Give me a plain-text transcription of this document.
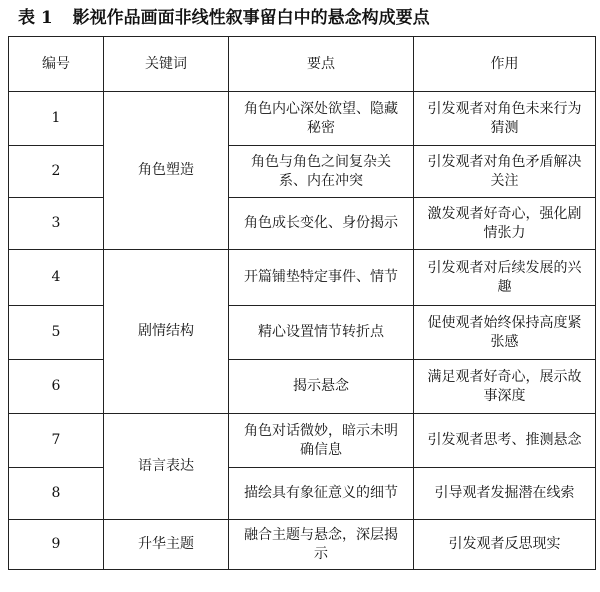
表 1 影视作品画面非线性叙事留白中的悬念构成要点
编号	关键词	要点	作用
1	角色塑造	角色内心深处欲望、隐藏秘密	引发观者对角色未来行为猜测
2		角色与角色之间复杂关系、内在冲突	引发观者对角色矛盾解决关注
3		角色成长变化、身份揭示	激发观者好奇心，强化剧情张力
4	剧情结构	开篇铺垫特定事件、情节	引发观者对后续发展的兴趣
5		精心设置情节转折点	促使观者始终保持高度紧张感
6		揭示悬念	满足观者好奇心，展示故事深度
7	语言表达	角色对话微妙，暗示未明确信息	引发观者思考、推测悬念
8		描绘具有象征意义的细节	引导观者发掘潜在线索
9	升华主题	融合主题与悬念，深层揭示	引发观者反思现实
